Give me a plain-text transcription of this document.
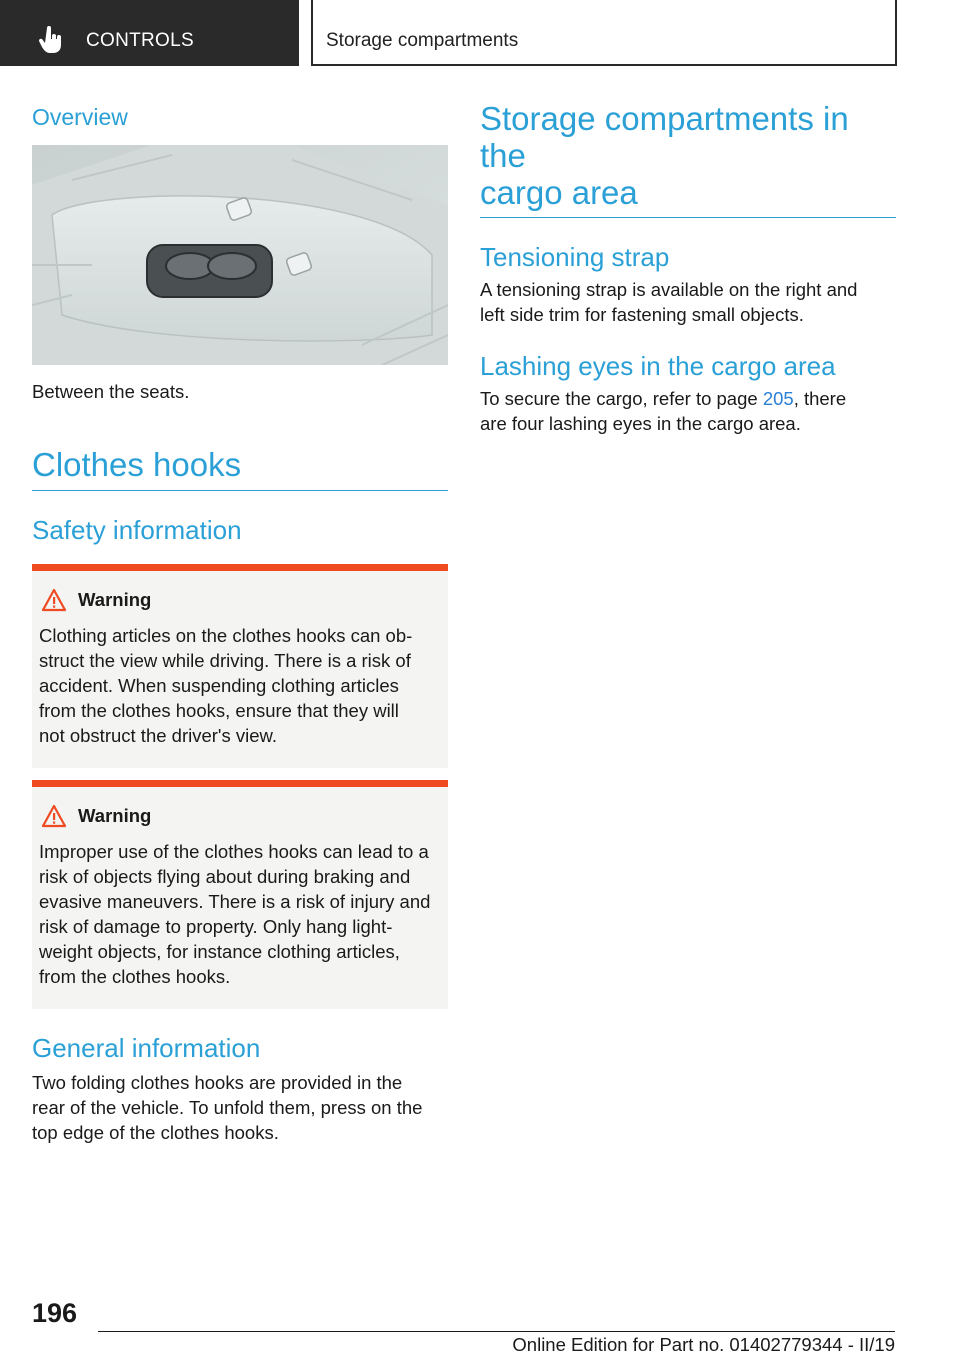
CONTROLS	Storage compartments
Overview

Between the seats.

Clothes hooks
Safety information
Warning

Clothing articles on the clothes hooks can ob-

struct the view while driving. There is a risk of

accident. When suspending clothing articles

from the clothes hooks, ensure that they will

not obstruct the driver's view.

Warning

Improper use of the clothes hooks can lead to a

risk of objects flying about during braking and

evasive maneuvers. There is a risk of injury and

risk of damage to property. Only hang light-

weight objects, for instance clothing articles,

from the clothes hooks.

General information

Two folding clothes hooks are provided in the

rear of the vehicle. To unfold them, press on the

top edge of the clothes hooks.

Storage compartments in the
cargo area
Tensioning strap

A tensioning strap is available on the right and

left side trim for fastening small objects.

Lashing eyes in the cargo area

To secure the cargo, refer to page 205, there

are four lashing eyes in the cargo area.

196
Online Edition for Part no. 01402779344 - II/19
